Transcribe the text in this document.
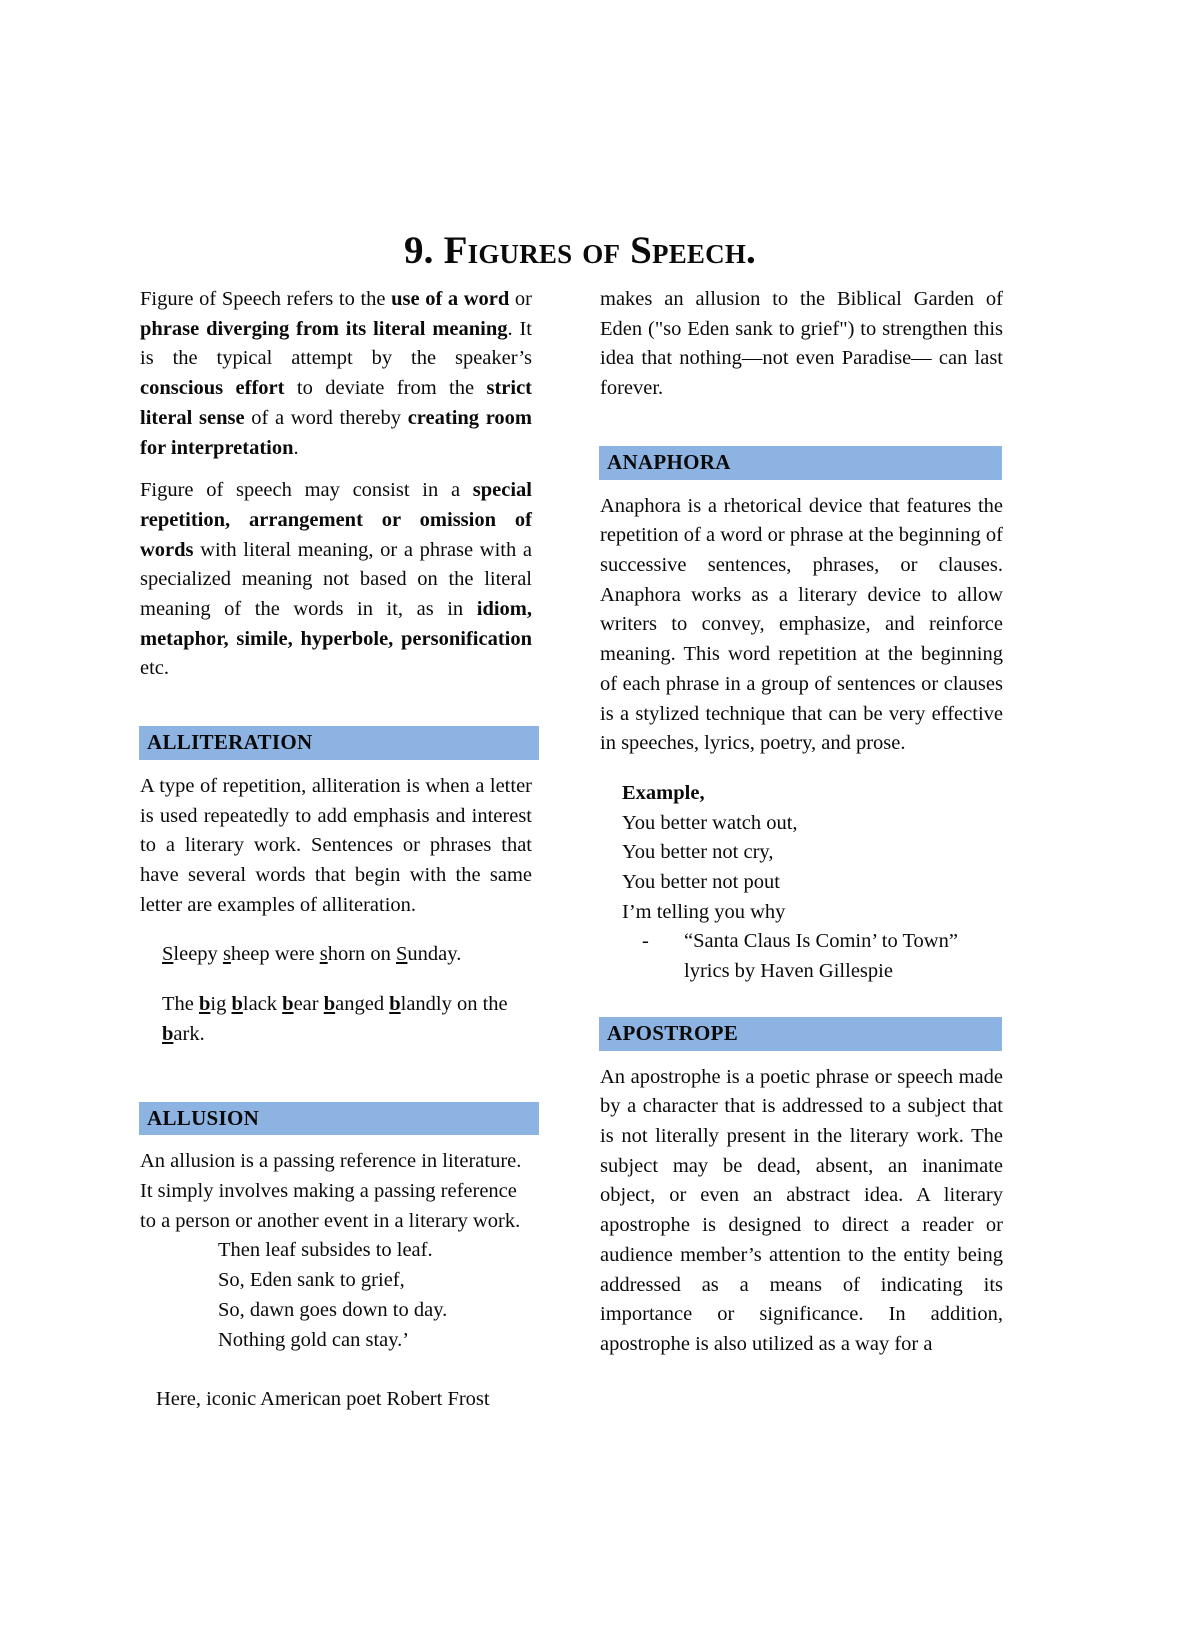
9. Figures of Speech.

Figure of Speech refers to the use of a word or phrase diverging from its literal meaning. It is the typical attempt by the speaker’s conscious effort to deviate from the strict literal sense of a word thereby creating room for interpretation.

Figure of speech may consist in a special repetition, arrangement or omission of words with literal meaning, or a phrase with a specialized meaning not based on the literal meaning of the words in it, as in idiom, metaphor, simile, hyperbole, personification etc.

ALLITERATION

A type of repetition, alliteration is when a letter is used repeatedly to add emphasis and interest to a literary work. Sentences or phrases that have several words that begin with the same letter are examples of alliteration.

Sleepy sheep were shorn on Sunday.
The big black bear banged blandly on the bark.
ALLUSION

An allusion is a passing reference in literature. It simply involves making a passing reference to a person or another event in a literary work.

Then leaf subsides to leaf.
So, Eden sank to grief,
So, dawn goes down to day.
Nothing gold can stay.’
Here, iconic American poet Robert Frost

makes an allusion to the Biblical Garden of Eden ("so Eden sank to grief") to strengthen this idea that nothing—not even Paradise— can last forever.

ANAPHORA

Anaphora is a rhetorical device that features the repetition of a word or phrase at the beginning of successive sentences, phrases, or clauses. Anaphora works as a literary device to allow writers to convey, emphasize, and reinforce meaning. This word repetition at the beginning of each phrase in a group of sentences or clauses is a stylized technique that can be very effective in speeches, lyrics, poetry, and prose.

Example,
You better watch out,
You better not cry,
You better not pout
I’m telling you why
-	“Santa Claus Is Comin’ to Town”
lyrics by Haven Gillespie
APOSTROPE

An apostrophe is a poetic phrase or speech made by a character that is addressed to a subject that is not literally present in the literary work. The subject may be dead, absent, an inanimate object, or even an abstract idea. A literary apostrophe is designed to direct a reader or audience member’s attention to the entity being addressed as a means of indicating its importance or significance. In addition, apostrophe is also utilized as a way for a
